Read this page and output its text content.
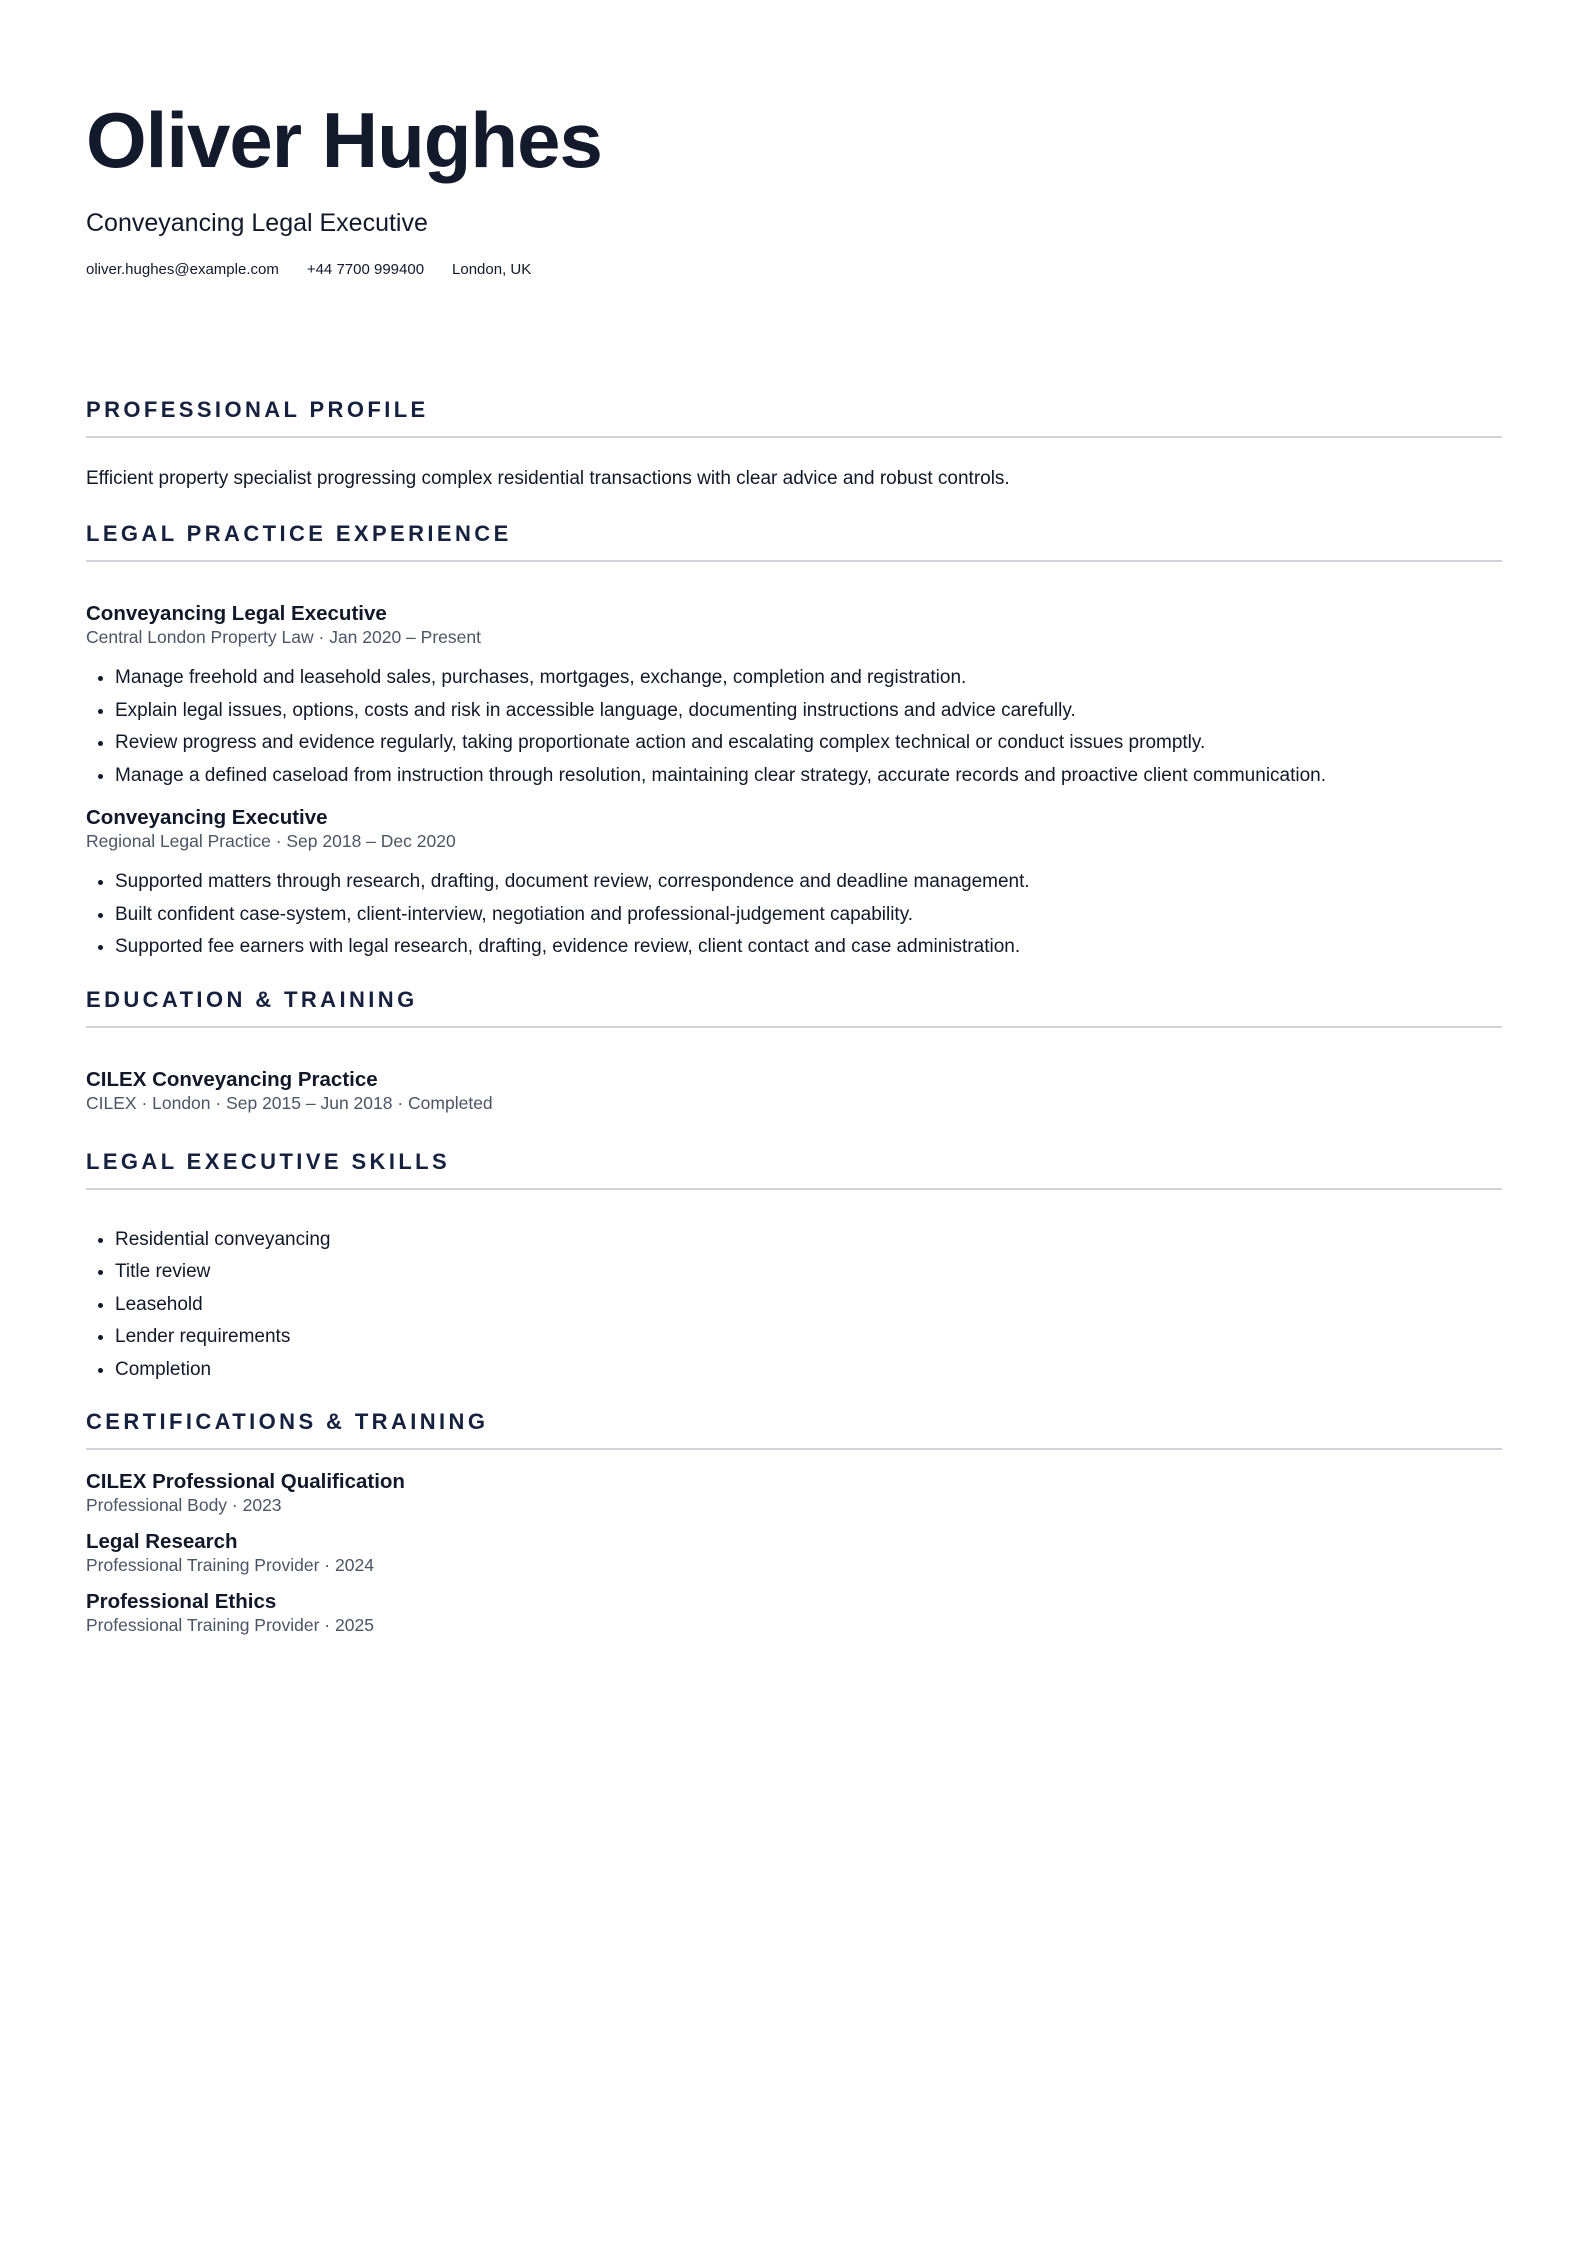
Oliver Hughes
Conveyancing Legal Executive
oliver.hughes@example.com +44 7700 999400 London, UK
PROFESSIONAL PROFILE
Efficient property specialist progressing complex residential transactions with clear advice and robust controls.
LEGAL PRACTICE EXPERIENCE
Conveyancing Legal Executive
Central London Property Law · Jan 2020 – Present
• Manage freehold and leasehold sales, purchases, mortgages, exchange, completion and registration.
• Explain legal issues, options, costs and risk in accessible language, documenting instructions and advice carefully.
• Review progress and evidence regularly, taking proportionate action and escalating complex technical or conduct issues promptly.
• Manage a defined caseload from instruction through resolution, maintaining clear strategy, accurate records and proactive client communication.
Conveyancing Executive
Regional Legal Practice · Sep 2018 – Dec 2020
• Supported matters through research, drafting, document review, correspondence and deadline management.
• Built confident case-system, client-interview, negotiation and professional-judgement capability.
• Supported fee earners with legal research, drafting, evidence review, client contact and case administration.
EDUCATION & TRAINING
CILEX Conveyancing Practice
CILEX · London · Sep 2015 – Jun 2018 · Completed
LEGAL EXECUTIVE SKILLS
• Residential conveyancing
• Title review
• Leasehold
• Lender requirements
• Completion
CERTIFICATIONS & TRAINING
CILEX Professional Qualification
Professional Body · 2023
Legal Research
Professional Training Provider · 2024
Professional Ethics
Professional Training Provider · 2025
